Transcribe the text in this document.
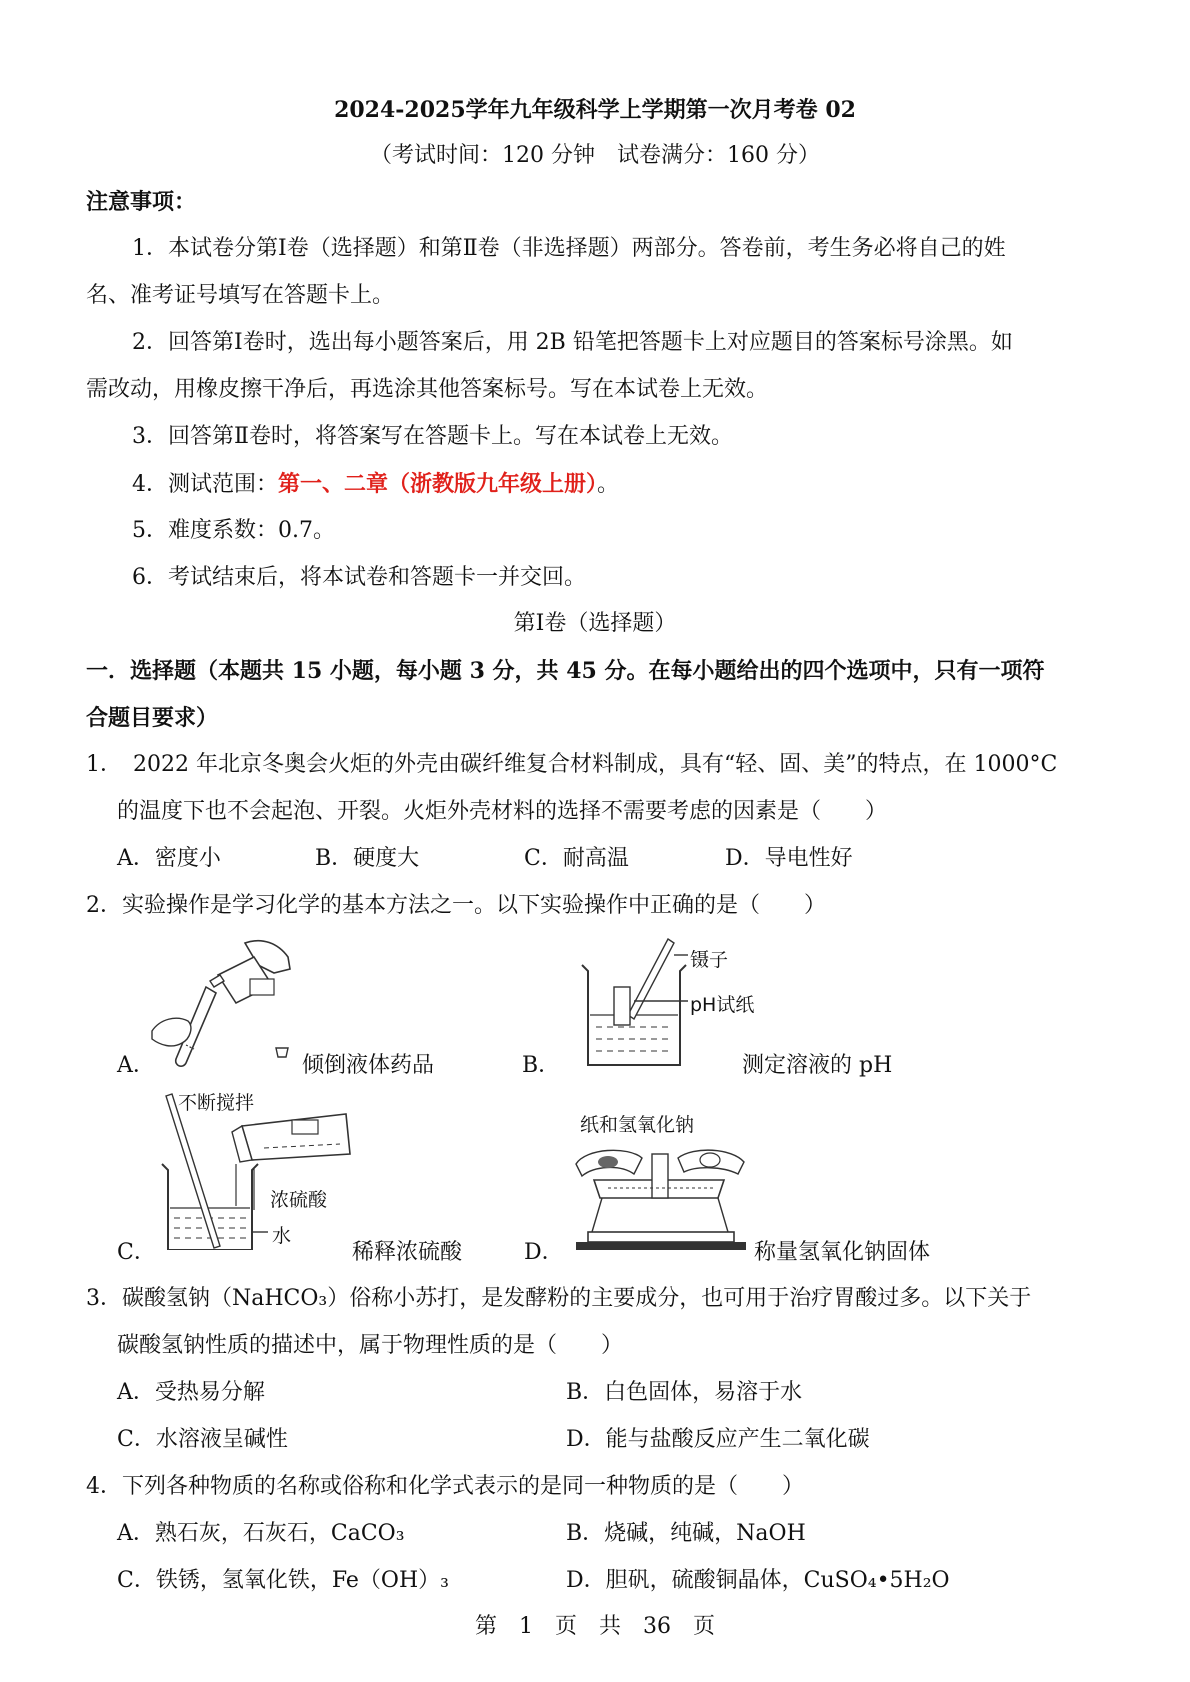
2024-2025学年九年级科学上学期第一次月考卷 02
（考试时间：120 分钟　试卷满分：160 分）
注意事项：
1．本试卷分第Ⅰ卷（选择题）和第Ⅱ卷（非选择题）两部分。答卷前，考生务必将自己的姓
名、准考证号填写在答题卡上。
2．回答第Ⅰ卷时，选出每小题答案后，用 2B 铅笔把答题卡上对应题目的答案标号涂黑。如
需改动，用橡皮擦干净后，再选涂其他答案标号。写在本试卷上无效。
3．回答第Ⅱ卷时，将答案写在答题卡上。写在本试卷上无效。
4．测试范围：第一、二章（浙教版九年级上册）。
5．难度系数：0.7。
6．考试结束后，将本试卷和答题卡一并交回。
第Ⅰ卷（选择题）
一．选择题（本题共 15 小题，每小题 3 分，共 45 分。在每小题给出的四个选项中，只有一项符
合题目要求）
1．　2022 年北京冬奥会火炬的外壳由碳纤维复合材料制成，具有“轻、固、美”的特点，在 1000°C
的温度下也不会起泡、开裂。火炬外壳材料的选择不需要考虑的因素是（　　）
A．密度小	B．硬度大	C．耐高温	D．导电性好
2．实验操作是学习化学的基本方法之一。以下实验操作中正确的是（　　）
A．	倾倒液体药品
镊子
pH试纸
B．	测定溶液的 pH
不断搅拌
浓硫酸
水
C．	稀释浓硫酸
纸和氢氧化钠
D．	称量氢氧化钠固体
3．碳酸氢钠（NaHCO₃）俗称小苏打，是发酵粉的主要成分，也可用于治疗胃酸过多。以下关于
碳酸氢钠性质的描述中，属于物理性质的是（　　）
A．受热易分解	B．白色固体，易溶于水
C．水溶液呈碱性	D．能与盐酸反应产生二氧化碳
4．下列各种物质的名称或俗称和化学式表示的是同一种物质的是（　　）
A．熟石灰，石灰石，CaCO₃	B．烧碱，纯碱，NaOH
C．铁锈，氢氧化铁，Fe（OH）₃	D．胆矾，硫酸铜晶体，CuSO₄•5H₂O
第　1　页　共　36　页
